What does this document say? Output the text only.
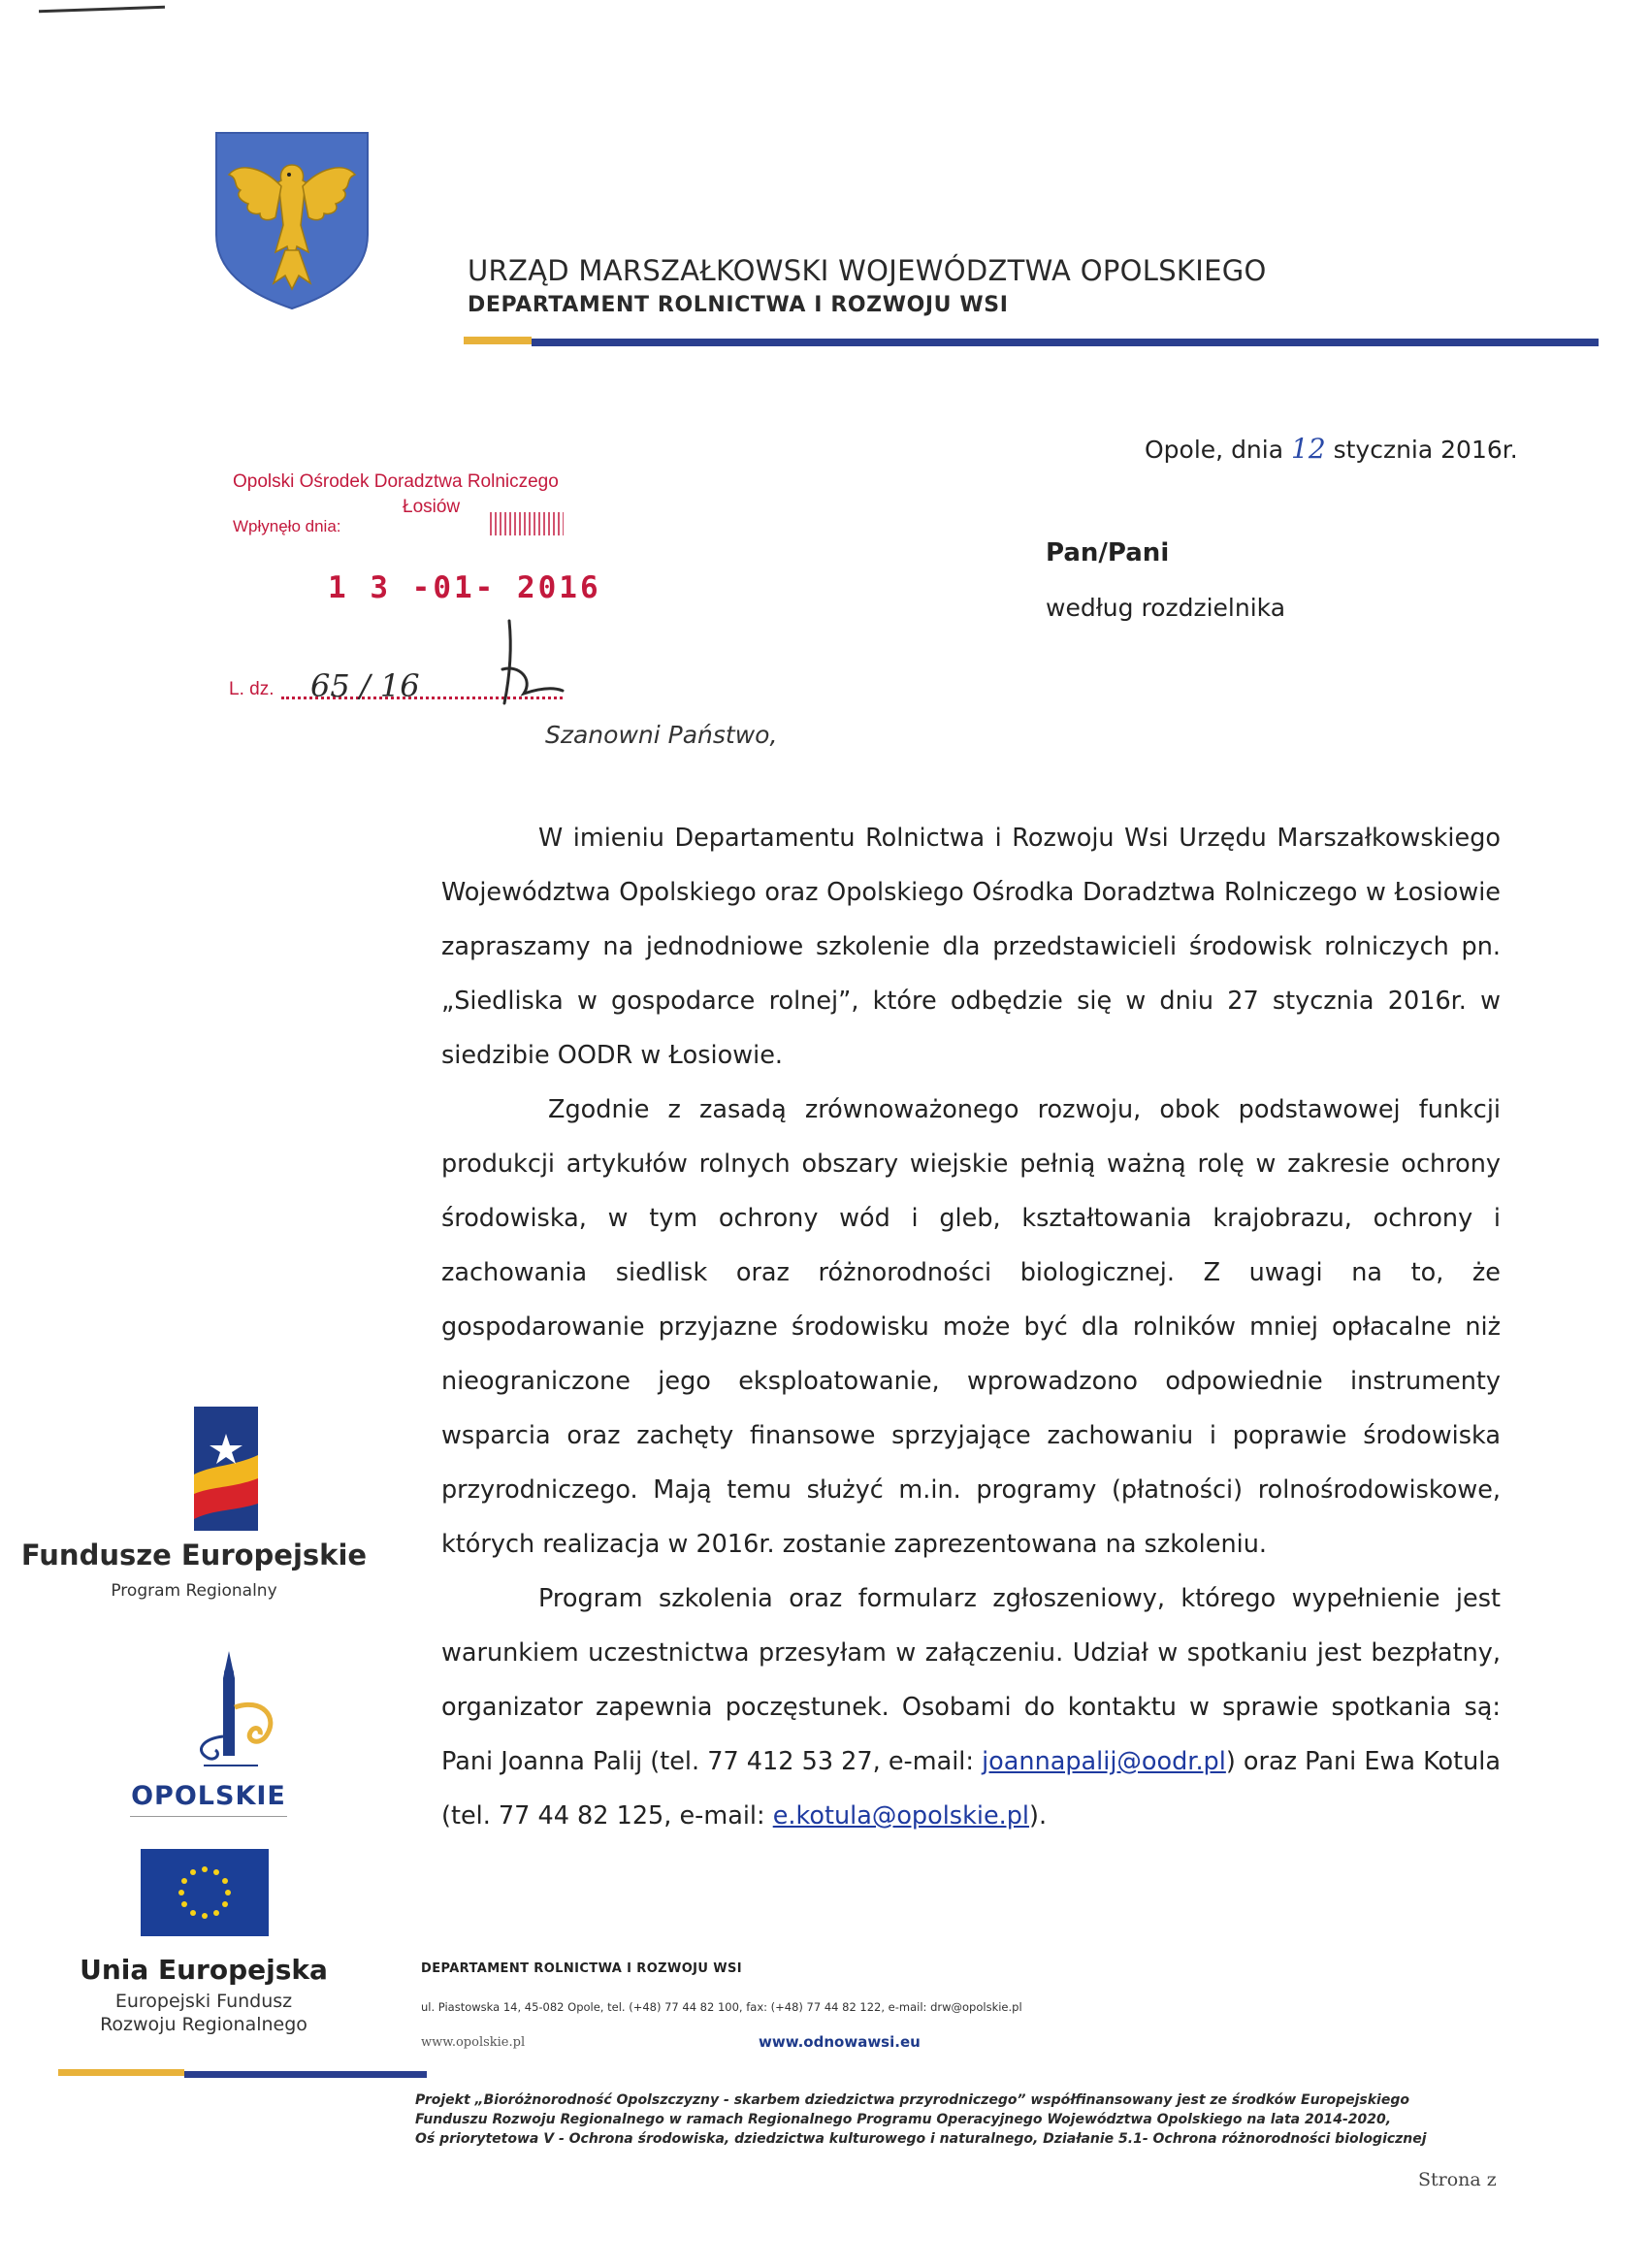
URZĄD MARSZAŁKOWSKI WOJEWÓDZTWA OPOLSKIEGO
DEPARTAMENT ROLNICTWA I ROZWOJU WSI
Opole, dnia 12 stycznia 2016r.
Opolski Ośrodek Doradztwa Rolniczego
Łosiów
Wpłynęło dnia:
1 3 -01- 2016
L. dz. 65 / 16
Pan/Pani
według rozdzielnika
Szanowni Państwo,

W imieniu Departamentu Rolnictwa i Rozwoju Wsi Urzędu Marszałkowskiego Województwa Opolskiego oraz Opolskiego Ośrodka Doradztwa Rolniczego w Łosiowie zapraszamy na jednodniowe szkolenie dla przedstawicieli środowisk rolniczych pn. „Siedliska w gospodarce rolnej”, które odbędzie się w dniu 27 stycznia 2016r. w siedzibie OODR w Łosiowie.

Zgodnie z zasadą zrównoważonego rozwoju, obok podstawowej funkcji produkcji artykułów rolnych obszary wiejskie pełnią ważną rolę w zakresie ochrony środowiska, w tym ochrony wód i gleb, kształtowania krajobrazu, ochrony i zachowania siedlisk oraz różnorodności biologicznej. Z uwagi na to, że gospodarowanie przyjazne środowisku może być dla rolników mniej opłacalne niż nieograniczone jego eksploatowanie, wprowadzono odpowiednie instrumenty wsparcia oraz zachęty finansowe sprzyjające zachowaniu i poprawie środowiska przyrodniczego. Mają temu służyć m.in. programy (płatności) rolnośrodowiskowe, których realizacja w 2016r. zostanie zaprezentowana na szkoleniu.

Program szkolenia oraz formularz zgłoszeniowy, którego wypełnienie jest warunkiem uczestnictwa przesyłam w załączeniu. Udział w spotkaniu jest bezpłatny, organizator zapewnia poczęstunek. Osobami do kontaktu w sprawie spotkania są: Pani Joanna Palij (tel. 77 412 53 27, e-mail: joannapalij@oodr.pl) oraz Pani Ewa Kotula (tel. 77 44 82 125, e-mail: e.kotula@opolskie.pl).

Fundusze Europejskie
Program Regionalny
OPOLSKIE
Unia Europejska
Europejski Fundusz
Rozwoju Regionalnego
DEPARTAMENT ROLNICTWA I ROZWOJU WSI
ul. Piastowska 14, 45-082 Opole, tel. (+48) 77 44 82 100, fax: (+48) 77 44 82 122, e-mail: drw@opolskie.pl
www.opolskie.pl	www.odnowawsi.eu
Projekt „Bioróżnorodność Opolszczyzny - skarbem dziedzictwa przyrodniczego” współfinansowany jest ze środków Europejskiego
Funduszu Rozwoju Regionalnego w ramach Regionalnego Programu Operacyjnego Województwa Opolskiego na lata 2014-2020,
Oś priorytetowa V - Ochrona środowiska, dziedzictwa kulturowego i naturalnego, Działanie 5.1- Ochrona różnorodności biologicznej
Strona z
